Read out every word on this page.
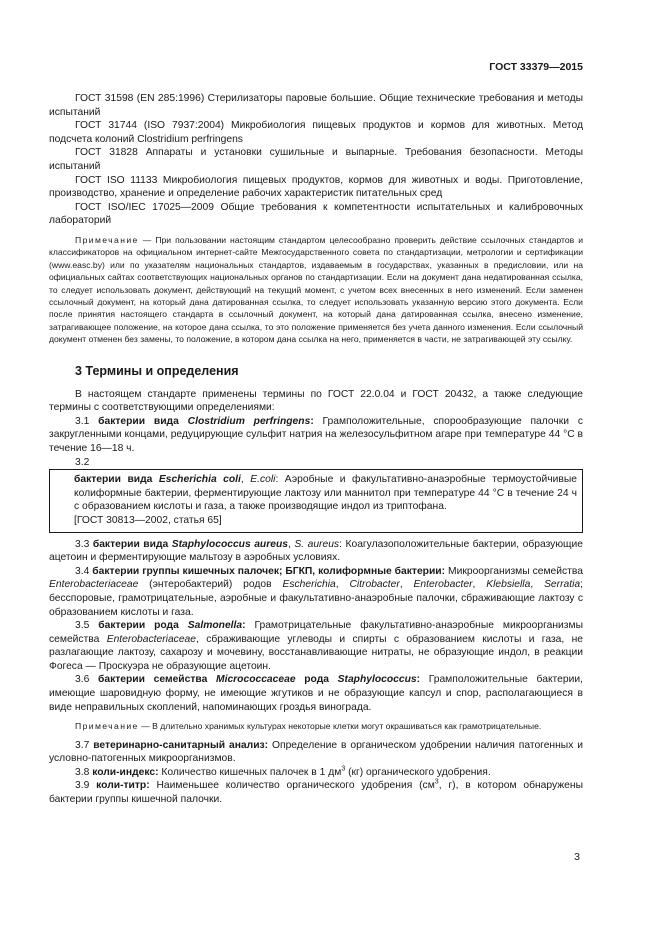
ГОСТ 33379—2015

ГОСТ 31598 (EN 285:1996) Стерилизаторы паровые большие. Общие технические требования и методы испытаний

ГОСТ 31744 (ISO 7937:2004) Микробиология пищевых продуктов и кормов для животных. Метод подсчета колоний Clostridium perfringens

ГОСТ 31828 Аппараты и установки сушильные и выпарные. Требования безопасности. Методы испытаний

ГОСТ ISO 11133 Микробиология пищевых продуктов, кормов для животных и воды. Приготовление, производство, хранение и определение рабочих характеристик питательных сред

ГОСТ ISO/IEC 17025—2009 Общие требования к компетентности испытательных и калибровочных лабораторий

Примечание — При пользовании настоящим стандартом целесообразно проверить действие ссылочных стандартов и классификаторов на официальном интернет-сайте Межгосударственного совета по стандартизации, метрологии и сертификации (www.easc.by) или по указателям национальных стандартов, издаваемым в государствах, указанных в предисловии, или на официальных сайтах соответствующих национальных органов по стандартизации. Если на документ дана недатированная ссылка, то следует использовать документ, действующий на текущий момент, с учетом всех внесенных в него изменений. Если заменен ссылочный документ, на который дана датированная ссылка, то следует использовать указанную версию этого документа. Если после принятия настоящего стандарта в ссылочный документ, на который дана датированная ссылка, внесено изменение, затрагивающее положение, на которое дана ссылка, то это положение применяется без учета данного изменения. Если ссылочный документ отменен без замены, то положение, в котором дана ссылка на него, применяется в части, не затрагивающей эту ссылку.

3 Термины и определения

В настоящем стандарте применены термины по ГОСТ 22.0.04 и ГОСТ 20432, а также следующие термины с соответствующими определениями:

3.1 бактерии вида Clostridium perfringens: Грамположительные, спорообразующие палочки с закругленными концами, редуцирующие сульфит натрия на железосульфитном агаре при температуре 44 °С в течение 16—18 ч.

3.2

бактерии вида Escherichia coli, E.coli: Аэробные и факультативно-анаэробные термоустойчивые колиформные бактерии, ферментирующие лактозу или маннитол при температуре 44 °С в течение 24 ч с образованием кислоты и газа, а также производящие индол из триптофана.

[ГОСТ 30813—2002, статья 65]

3.3 бактерии вида Staphylococcus aureus, S. aureus: Коагулазоположительные бактерии, образующие ацетоин и ферментирующие мальтозу в аэробных условиях.

3.4 бактерии группы кишечных палочек; БГКП, колиформные бактерии: Микроорганизмы семейства Enterobacteriaceae (энтеробактерий) родов Escherichia, Citrobacter, Enterobacter, Klebsiella, Serratia; бесспоровые, грамотрицательные, аэробные и факультативно-анаэробные палочки, сбраживающие лактозу с образованием кислоты и газа.

3.5 бактерии рода Salmonella: Грамотрицательные факультативно-анаэробные микроорганизмы семейства Enterobacteriaceae, сбраживающие углеводы и спирты с образованием кислоты и газа, не разлагающие лактозу, сахарозу и мочевину, восстанавливающие нитраты, не образующие индол, в реакции Фогеса — Проскуэра не образующие ацетоин.

3.6 бактерии семейства Micrococcaceae рода Staphylococcus: Грамположительные бактерии, имеющие шаровидную форму, не имеющие жгутиков и не образующие капсул и спор, располагающиеся в виде неправильных скоплений, напоминающих гроздья винограда.

Примечание — В длительно хранимых культурах некоторые клетки могут окрашиваться как грамотрицательные.

3.7 ветеринарно-санитарный анализ: Определение в органическом удобрении наличия патогенных и условно-патогенных микроорганизмов.

3.8 коли-индекс: Количество кишечных палочек в 1 $дм^3$ (кг) органического удобрения.

3.9 коли-титр: Наименьшее количество органического удобрения ($см^3$, г), в котором обнаружены бактерии группы кишечной палочки.

3
